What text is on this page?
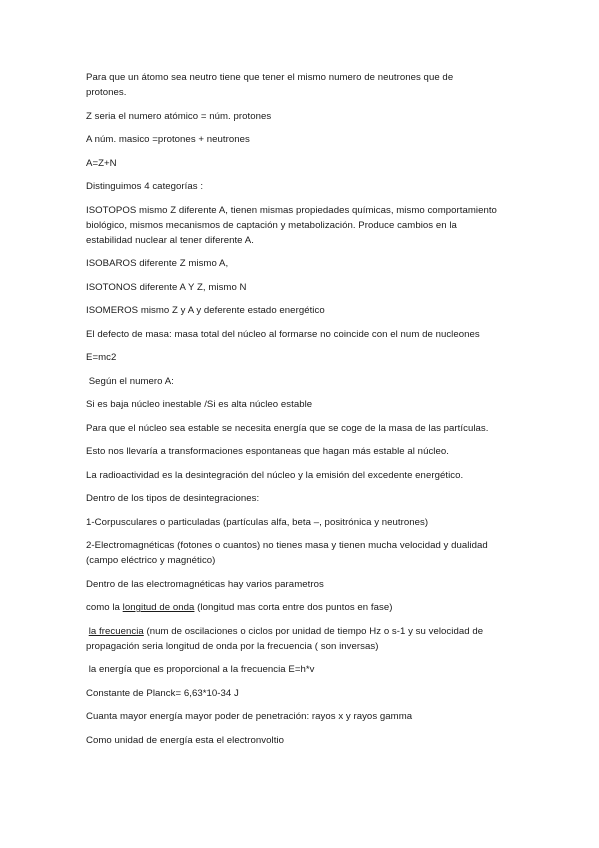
Para que un átomo sea neutro tiene que tener el mismo numero de neutrones que de
protones.

Z seria el numero atómico = núm. protones

A núm. masico =protones + neutrones

A=Z+N

Distinguimos 4 categorías :

ISOTOPOS mismo Z diferente A, tienen mismas propiedades químicas, mismo comportamiento
biológico, mismos mecanismos de captación y metabolización. Produce cambios en la
estabilidad nuclear al tener diferente A.

ISOBAROS diferente Z mismo A,

ISOTONOS diferente A Y Z, mismo N

ISOMEROS mismo Z y A y deferente estado energético

El defecto de masa: masa total del núcleo al formarse no coincide con el num de nucleones

E=mc2

Según el numero A:

Si es baja núcleo inestable /Si es alta núcleo estable

Para que el núcleo sea estable se necesita energía que se coge de la masa de las partículas.

Esto nos llevaría a transformaciones espontaneas que hagan más estable al núcleo.

La radioactividad es la desintegración del núcleo y la emisión del excedente energético.

Dentro de los tipos de desintegraciones:

1-Corpusculares o particuladas (partículas alfa, beta –, positrónica y neutrones)

2-Electromagnéticas (fotones o cuantos) no tienes masa y tienen mucha velocidad y dualidad
(campo eléctrico y magnético)

Dentro de las electromagnéticas hay varios parametros

como la longitud de onda (longitud mas corta entre dos puntos en fase)

la frecuencia (num de oscilaciones o ciclos por unidad de tiempo Hz o s-1 y su velocidad de
propagación seria longitud de onda por la frecuencia ( son inversas)

la energía que es proporcional a la frecuencia E=h*v

Constante de Planck= 6,63*10-34 J

Cuanta mayor energía mayor poder de penetración: rayos x y rayos gamma

Como unidad de energía esta el electronvoltio
